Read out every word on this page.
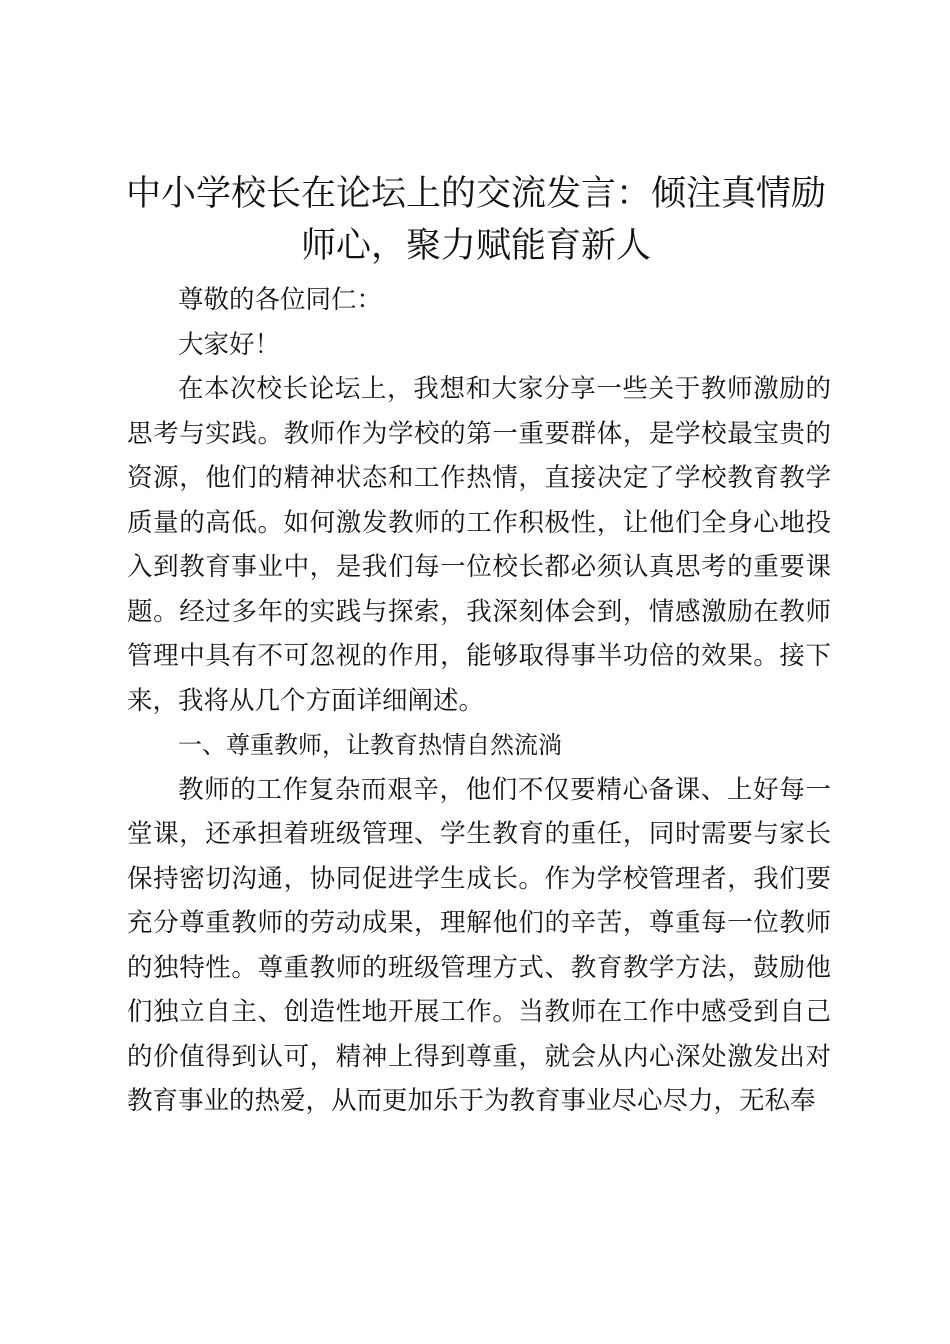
中小学校长在论坛上的交流发言：倾注真情励师心，聚力赋能育新人

尊敬的各位同仁：

大家好！

在本次校长论坛上，我想和大家分享一些关于教师激励的思考与实践。教师作为学校的第一重要群体，是学校最宝贵的资源，他们的精神状态和工作热情，直接决定了学校教育教学质量的高低。如何激发教师的工作积极性，让他们全身心地投入到教育事业中，是我们每一位校长都必须认真思考的重要课题。经过多年的实践与探索，我深刻体会到，情感激励在教师管理中具有不可忽视的作用，能够取得事半功倍的效果。接下来，我将从几个方面详细阐述。

一、尊重教师，让教育热情自然流淌

教师的工作复杂而艰辛，他们不仅要精心备课、上好每一堂课，还承担着班级管理、学生教育的重任，同时需要与家长保持密切沟通，协同促进学生成长。作为学校管理者，我们要充分尊重教师的劳动成果，理解他们的辛苦，尊重每一位教师的独特性。尊重教师的班级管理方式、教育教学方法，鼓励他们独立自主、创造性地开展工作。当教师在工作中感受到自己的价值得到认可，精神上得到尊重，就会从内心深处激发出对教育事业的热爱，从而更加乐于为教育事业尽心尽力，无私奉
